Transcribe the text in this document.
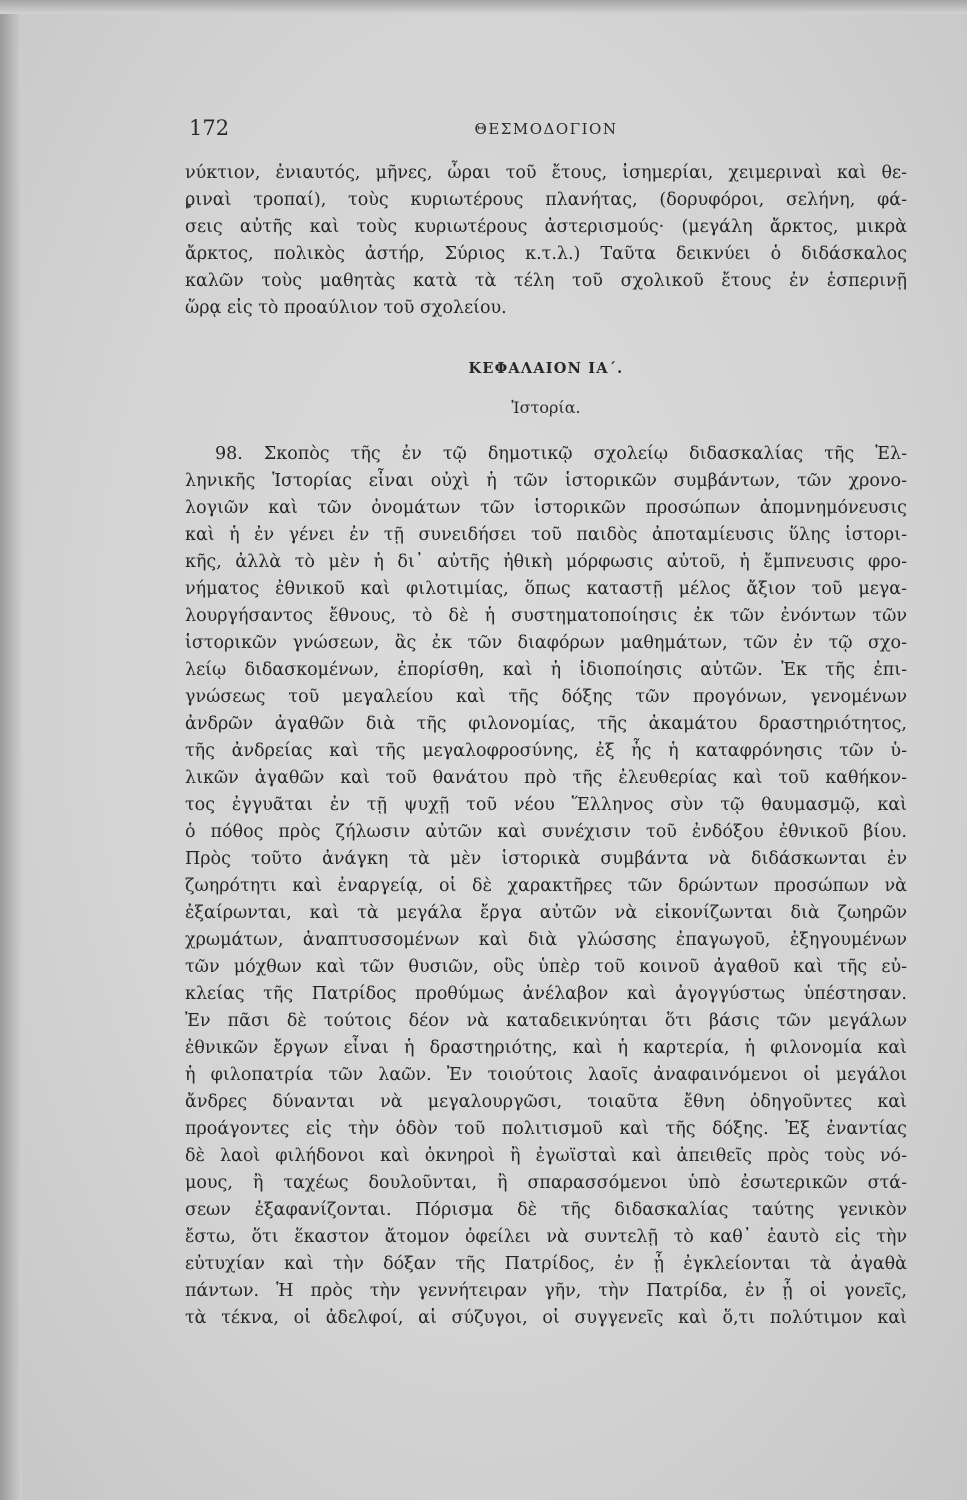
172	ΘΕΣΜΟΔΟΓΙΟΝ
νύκτιον, ἐνιαυτός, μῆνες, ὧραι τοῦ ἔτους, ἰσημερίαι, χειμεριναὶ καὶ θε-
ριναὶ τροπαί), τοὺς κυριωτέρους πλανήτας, (δορυφόροι, σελήνη, φά-
σεις αὐτῆς καὶ τοὺς κυριωτέρους ἀστερισμούς· (μεγάλη ἄρκτος, μικρὰ
ἄρκτος, πολικὸς ἀστήρ, Σύριος κ.τ.λ.) Ταῦτα δεικνύει ὁ διδάσκαλος
καλῶν τοὺς μαθητὰς κατὰ τὰ τέλη τοῦ σχολικοῦ ἔτους ἐν ἑσπερινῇ
ὥρᾳ εἰς τὸ προαύλιον τοῦ σχολείου.
ΚΕΦΑΛΑΙΟΝ ΙΑ΄.
Ἱστορία.
98. Σκοπὸς τῆς ἐν τῷ δημοτικῷ σχολείῳ διδασκαλίας τῆς Ἑλ-
ληνικῆς Ἱστορίας εἶναι οὐχὶ ἡ τῶν ἱστορικῶν συμβάντων, τῶν χρονο-
λογιῶν καὶ τῶν ὀνομάτων τῶν ἱστορικῶν προσώπων ἀπομνημόνευσις
καὶ ἡ ἐν γένει ἐν τῇ συνειδήσει τοῦ παιδὸς ἀποταμίευσις ὕλης ἱστορι-
κῆς, ἀλλὰ τὸ μὲν ἡ δι᾽ αὐτῆς ἠθικὴ μόρφωσις αὐτοῦ, ἡ ἔμπνευσις φρο-
νήματος ἐθνικοῦ καὶ φιλοτιμίας, ὅπως καταστῇ μέλος ἄξιον τοῦ μεγα-
λουργήσαντος ἔθνους, τὸ δὲ ἡ συστηματοποίησις ἐκ τῶν ἐνόντων τῶν
ἱστορικῶν γνώσεων, ἃς ἐκ τῶν διαφόρων μαθημάτων, τῶν ἐν τῷ σχο-
λείῳ διδασκομένων, ἐπορίσθη, καὶ ἡ ἰδιοποίησις αὐτῶν. Ἐκ τῆς ἐπι-
γνώσεως τοῦ μεγαλείου καὶ τῆς δόξης τῶν προγόνων, γενομένων
ἀνδρῶν ἀγαθῶν διὰ τῆς φιλονομίας, τῆς ἀκαμάτου δραστηριότητος,
τῆς ἀνδρείας καὶ τῆς μεγαλοφροσύνης, ἐξ ἧς ἡ καταφρόνησις τῶν ὑ-
λικῶν ἀγαθῶν καὶ τοῦ θανάτου πρὸ τῆς ἐλευθερίας καὶ τοῦ καθήκον-
τος ἐγγυᾶται ἐν τῇ ψυχῇ τοῦ νέου Ἕλληνος σὺν τῷ θαυμασμῷ, καὶ
ὁ πόθος πρὸς ζήλωσιν αὐτῶν καὶ συνέχισιν τοῦ ἐνδόξου ἐθνικοῦ βίου.
Πρὸς τοῦτο ἀνάγκη τὰ μὲν ἱστορικὰ συμβάντα νὰ διδάσκωνται ἐν
ζωηρότητι καὶ ἐναργείᾳ, οἱ δὲ χαρακτῆρες τῶν δρώντων προσώπων νὰ
ἐξαίρωνται, καὶ τὰ μεγάλα ἔργα αὐτῶν νὰ εἰκονίζωνται διὰ ζωηρῶν
χρωμάτων, ἀναπτυσσομένων καὶ διὰ γλώσσης ἐπαγωγοῦ, ἐξηγουμένων
τῶν μόχθων καὶ τῶν θυσιῶν, οὓς ὑπὲρ τοῦ κοινοῦ ἀγαθοῦ καὶ τῆς εὐ-
κλείας τῆς Πατρίδος προθύμως ἀνέλαβον καὶ ἀγογγύστως ὑπέστησαν.
Ἐν πᾶσι δὲ τούτοις δέον νὰ καταδεικνύηται ὅτι βάσις τῶν μεγάλων
ἐθνικῶν ἔργων εἶναι ἡ δραστηριότης, καὶ ἡ καρτερία, ἡ φιλονομία καὶ
ἡ φιλοπατρία τῶν λαῶν. Ἐν τοιούτοις λαοῖς ἀναφαινόμενοι οἱ μεγάλοι
ἄνδρες δύνανται νὰ μεγαλουργῶσι, τοιαῦτα ἔθνη ὁδηγοῦντες καὶ
προάγοντες εἰς τὴν ὁδὸν τοῦ πολιτισμοῦ καὶ τῆς δόξης. Ἐξ ἐναντίας
δὲ λαοὶ φιλήδονοι καὶ ὀκνηροὶ ἢ ἐγωϊσταὶ καὶ ἀπειθεῖς πρὸς τοὺς νό-
μους, ἢ ταχέως δουλοῦνται, ἢ σπαρασσόμενοι ὑπὸ ἐσωτερικῶν στά-
σεων ἐξαφανίζονται. Πόρισμα δὲ τῆς διδασκαλίας ταύτης γενικὸν
ἔστω, ὅτι ἕκαστον ἄτομον ὀφείλει νὰ συντελῇ τὸ καθ᾽ ἑαυτὸ εἰς τὴν
εὐτυχίαν καὶ τὴν δόξαν τῆς Πατρίδος, ἐν ᾗ ἐγκλείονται τὰ ἀγαθὰ
πάντων. Ἡ πρὸς τὴν γεννήτειραν γῆν, τὴν Πατρίδα, ἐν ᾗ οἱ γονεῖς,
τὰ τέκνα, οἱ ἀδελφοί, αἱ σύζυγοι, οἱ συγγενεῖς καὶ ὅ,τι πολύτιμον καὶ
